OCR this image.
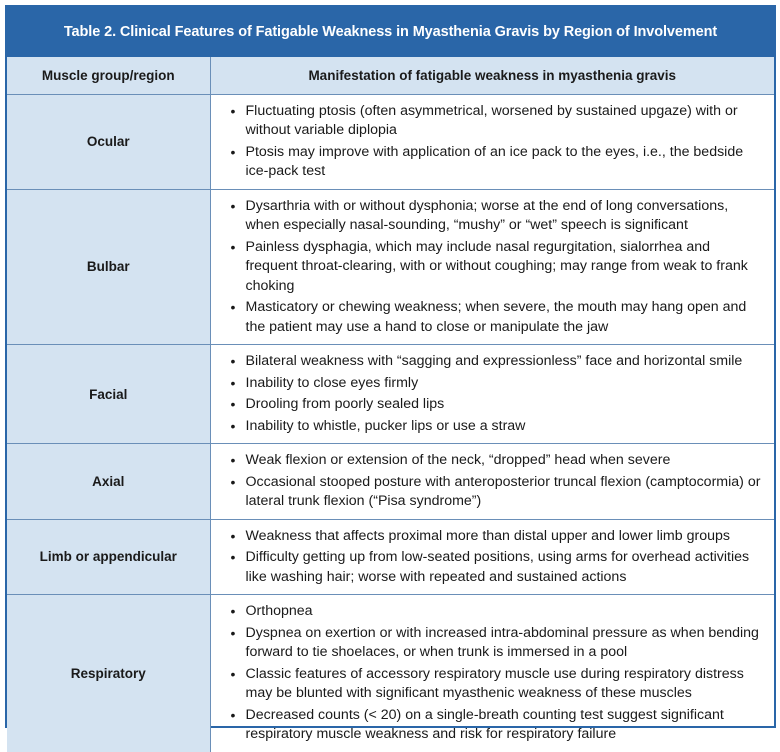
Table 2. Clinical Features of Fatigable Weakness in Myasthenia Gravis by Region of Involvement
Muscle group/region	Manifestation of fatigable weakness in myasthenia gravis
Ocular	
• Fluctuating ptosis (often asymmetrical, worsened by sustained upgaze) with or without variable diplopia
• Ptosis may improve with application of an ice pack to the eyes, i.e., the bedside ice-pack test

Bulbar	
• Dysarthria with or without dysphonia; worse at the end of long conversations, when especially nasal-sounding, “mushy” or “wet” speech is significant
• Painless dysphagia, which may include nasal regurgitation, sialorrhea and frequent throat-clearing, with or without coughing; may range from weak to frank choking
• Masticatory or chewing weakness; when severe, the mouth may hang open and the patient may use a hand to close or manipulate the jaw

Facial	
• Bilateral weakness with “sagging and expressionless” face and horizontal smile
• Inability to close eyes firmly
• Drooling from poorly sealed lips
• Inability to whistle, pucker lips or use a straw

Axial	
• Weak flexion or extension of the neck, “dropped” head when severe
• Occasional stooped posture with anteroposterior truncal flexion (camptocormia) or lateral trunk flexion (“Pisa syndrome”)

Limb or appendicular	
• Weakness that affects proximal more than distal upper and lower limb groups
• Difficulty getting up from low-seated positions, using arms for overhead activities like washing hair; worse with repeated and sustained actions

Respiratory	
• Orthopnea
• Dyspnea on exertion or with increased intra-abdominal pressure as when bending forward to tie shoelaces, or when trunk is immersed in a pool
• Classic features of accessory respiratory muscle use during respiratory distress may be blunted with significant myasthenic weakness of these muscles
• Decreased counts (< 20) on a single-breath counting test suggest significant respiratory muscle weakness and risk for respiratory failure
